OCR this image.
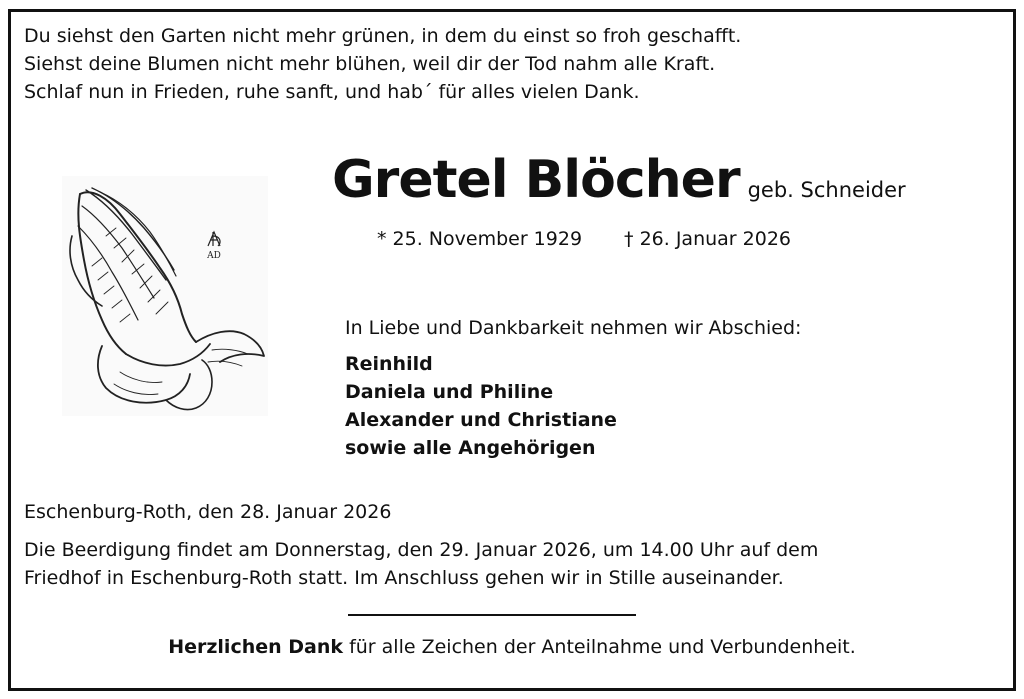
Du siehst den Garten nicht mehr grünen, in dem du einst so froh geschafft.
Siehst deine Blumen nicht mehr blühen, weil dir der Tod nahm alle Kraft.
Schlaf nun in Frieden, ruhe sanft, und hab´ für alles vielen Dank.
Gretel Blöcher geb. Schneider
* 25. November 1929 † 26. Januar 2026
AD
In Liebe und Dankbarkeit nehmen wir Abschied:
Reinhild
Daniela und Philine
Alexander und Christiane
sowie alle Angehörigen
Eschenburg-Roth, den 28. Januar 2026
Die Beerdigung findet am Donnerstag, den 29. Januar 2026, um 14.00 Uhr auf dem
Friedhof in Eschenburg-Roth statt. Im Anschluss gehen wir in Stille auseinander.
Herzlichen Dank für alle Zeichen der Anteilnahme und Verbundenheit.
